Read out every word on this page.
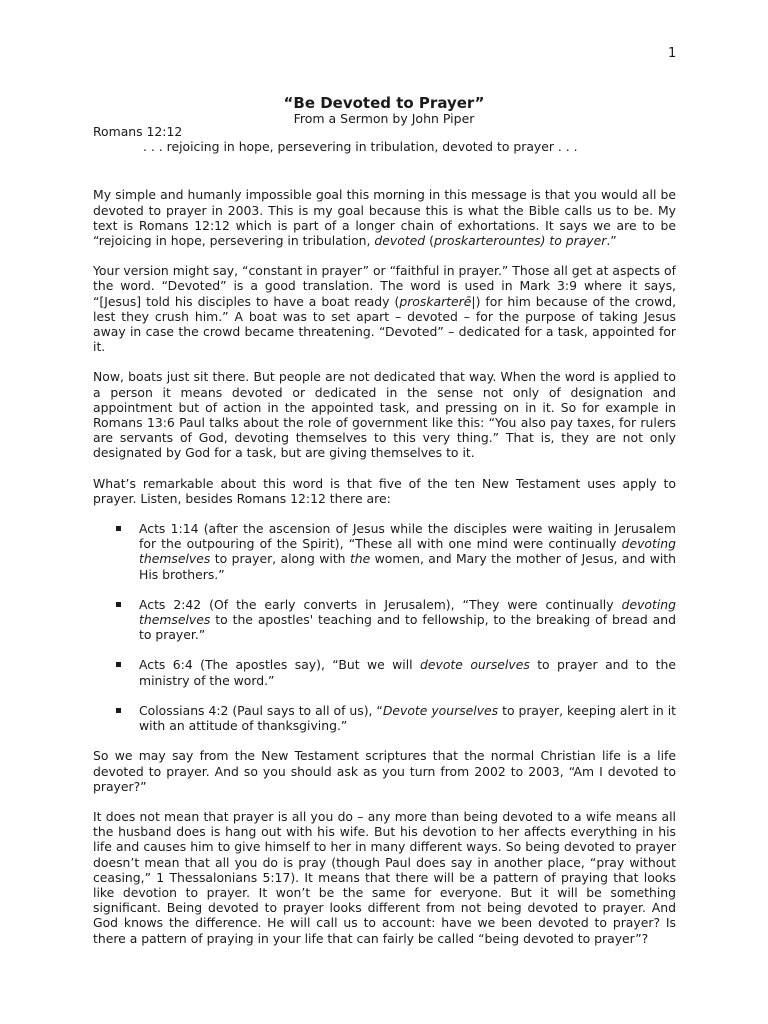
1
“Be Devoted to Prayer”
From a Sermon by John Piper

Romans 12:12

. . . rejoicing in hope, persevering in tribulation, devoted to prayer . . .

My simple and humanly impossible goal this morning in this message is that you would all be devoted to prayer in 2003. This is my goal because this is what the Bible calls us to be. My text is Romans 12:12 which is part of a longer chain of exhortations. It says we are to be “rejoicing in hope, persevering in tribulation, devoted (proskarterountes) to prayer.”

Your version might say, “constant in prayer” or “faithful in prayer.” Those all get at aspects of the word. “Devoted” is a good translation. The word is used in Mark 3:9 where it says, “[Jesus] told his disciples to have a boat ready (proskarterē|) for him because of the crowd, lest they crush him.” A boat was to set apart – devoted – for the purpose of taking Jesus away in case the crowd became threatening. “Devoted” – dedicated for a task, appointed for it.

Now, boats just sit there. But people are not dedicated that way. When the word is applied to a person it means devoted or dedicated in the sense not only of designation and appointment but of action in the appointed task, and pressing on in it. So for example in Romans 13:6 Paul talks about the role of government like this: “You also pay taxes, for rulers are servants of God, devoting themselves to this very thing.” That is, they are not only designated by God for a task, but are giving themselves to it.

What’s remarkable about this word is that five of the ten New Testament uses apply to prayer. Listen, besides Romans 12:12 there are:

Acts 1:14 (after the ascension of Jesus while the disciples were waiting in Jerusalem for the outpouring of the Spirit), “These all with one mind were continually devoting themselves to prayer, along with the women, and Mary the mother of Jesus, and with His brothers.”
Acts 2:42 (Of the early converts in Jerusalem), “They were continually devoting themselves to the apostles' teaching and to fellowship, to the breaking of bread and to prayer.”
Acts 6:4 (The apostles say), “But we will devote ourselves to prayer and to the ministry of the word.”
Colossians 4:2 (Paul says to all of us), “Devote yourselves to prayer, keeping alert in it with an attitude of thanksgiving.”

So we may say from the New Testament scriptures that the normal Christian life is a life devoted to prayer. And so you should ask as you turn from 2002 to 2003, “Am I devoted to prayer?”

It does not mean that prayer is all you do – any more than being devoted to a wife means all the husband does is hang out with his wife. But his devotion to her affects everything in his life and causes him to give himself to her in many different ways. So being devoted to prayer doesn’t mean that all you do is pray (though Paul does say in another place, “pray without ceasing,” 1 Thessalonians 5:17). It means that there will be a pattern of praying that looks like devotion to prayer. It won’t be the same for everyone. But it will be something significant. Being devoted to prayer looks different from not being devoted to prayer. And God knows the difference. He will call us to account: have we been devoted to prayer? Is there a pattern of praying in your life that can fairly be called “being devoted to prayer”?
